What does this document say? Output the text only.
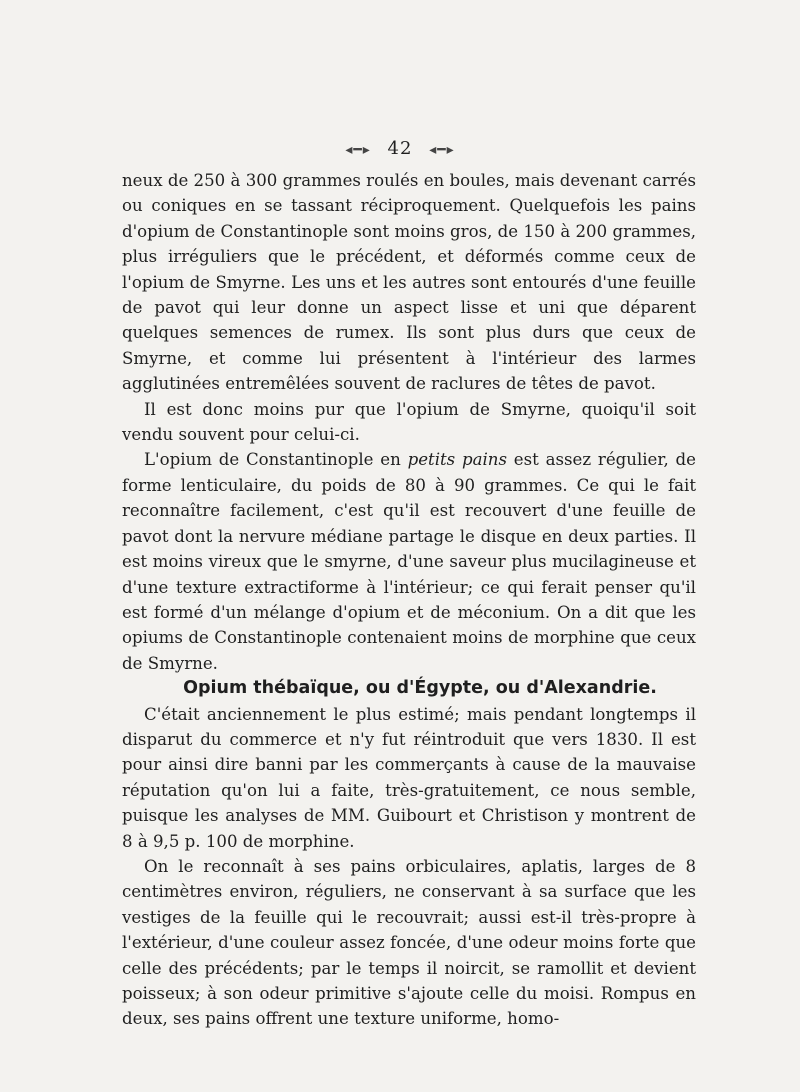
◂━▸ 42 ◂━▸

neux de 250 à 300 grammes roulés en boules, mais devenant carrés ou coniques en se tassant réciproquement. Quelquefois les pains d'opium de Constantinople sont moins gros, de 150 à 200 grammes, plus irréguliers que le précédent, et déformés comme ceux de l'opium de Smyrne. Les uns et les autres sont entourés d'une feuille de pavot qui leur donne un aspect lisse et uni que déparent quelques semences de rumex. Ils sont plus durs que ceux de Smyrne, et comme lui présentent à l'intérieur des larmes agglutinées entremêlées souvent de raclures de têtes de pavot.

Il est donc moins pur que l'opium de Smyrne, quoiqu'il soit vendu souvent pour celui-ci.

L'opium de Constantinople en petits pains est assez régulier, de forme lenticulaire, du poids de 80 à 90 grammes. Ce qui le fait reconnaître facilement, c'est qu'il est recouvert d'une feuille de pavot dont la nervure médiane partage le disque en deux parties. Il est moins vireux que le smyrne, d'une saveur plus mucilagineuse et d'une texture extractiforme à l'intérieur; ce qui ferait penser qu'il est formé d'un mélange d'opium et de méconium. On a dit que les opiums de Constantinople contenaient moins de morphine que ceux de Smyrne.

Opium thébaïque, ou d'Égypte, ou d'Alexandrie.

C'était anciennement le plus estimé; mais pendant longtemps il disparut du commerce et n'y fut réintroduit que vers 1830. Il est pour ainsi dire banni par les commerçants à cause de la mauvaise réputation qu'on lui a faite, très-gratuitement, ce nous semble, puisque les analyses de MM. Guibourt et Christison y montrent de 8 à 9,5 p. 100 de morphine.

On le reconnaît à ses pains orbiculaires, aplatis, larges de 8 centimètres environ, réguliers, ne conservant à sa surface que les vestiges de la feuille qui le recouvrait; aussi est-il très-propre à l'extérieur, d'une couleur assez foncée, d'une odeur moins forte que celle des précédents; par le temps il noircit, se ramollit et devient poisseux; à son odeur primitive s'ajoute celle du moisi. Rompus en deux, ses pains offrent une texture uniforme, homo-
